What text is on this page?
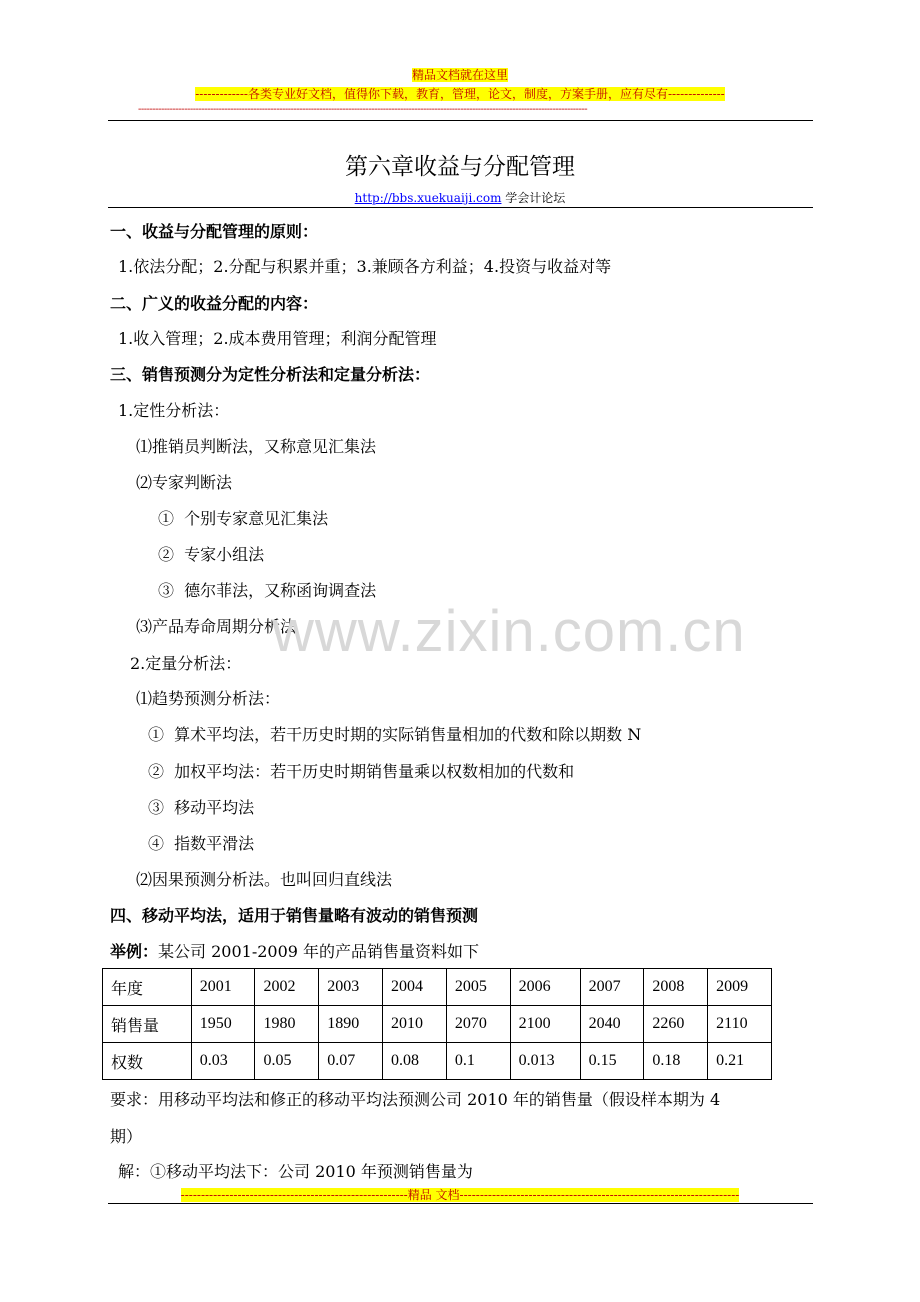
精品文档就在这里
-------------各类专业好文档，值得你下载，教育，管理，论文，制度，方案手册，应有尽有--------------
------------------------------------------------------------------------------------------------------------------------------------------------------------
第六章收益与分配管理
http://bbs.xuekuaiji.com 学会计论坛
一、收益与分配管理的原则：
1.依法分配；2.分配与积累并重；3.兼顾各方利益；4.投资与收益对等
二、广义的收益分配的内容：
1.收入管理；2.成本费用管理；利润分配管理
三、销售预测分为定性分析法和定量分析法：
1.定性分析法：
⑴推销员判断法，又称意见汇集法
⑵专家判断法
①  个别专家意见汇集法
②  专家小组法
③  德尔菲法，又称函询调查法
⑶产品寿命周期分析法
2.定量分析法：
⑴趋势预测分析法：
①  算术平均法，若干历史时期的实际销售量相加的代数和除以期数 N
②  加权平均法：若干历史时期销售量乘以权数相加的代数和
③  移动平均法
④  指数平滑法
⑵因果预测分析法。也叫回归直线法
四、移动平均法，适用于销售量略有波动的销售预测
举例：某公司 2001-2009 年的产品销售量资料如下
年度	2001	2002	2003	2004	2005	2006	2007	2008	2009
销售量	1950	1980	1890	2010	2070	2100	2040	2260	2110
权数	0.03	0.05	0.07	0.08	0.1	0.013	0.15	0.18	0.21
要求：用移动平均法和修正的移动平均法预测公司 2010 年的销售量（假设样本期为 4
期）
解：①移动平均法下：公司 2010 年预测销售量为
--------------------------------------------------------精品 文档---------------------------------------------------------------------
www.zixin.com.cn
